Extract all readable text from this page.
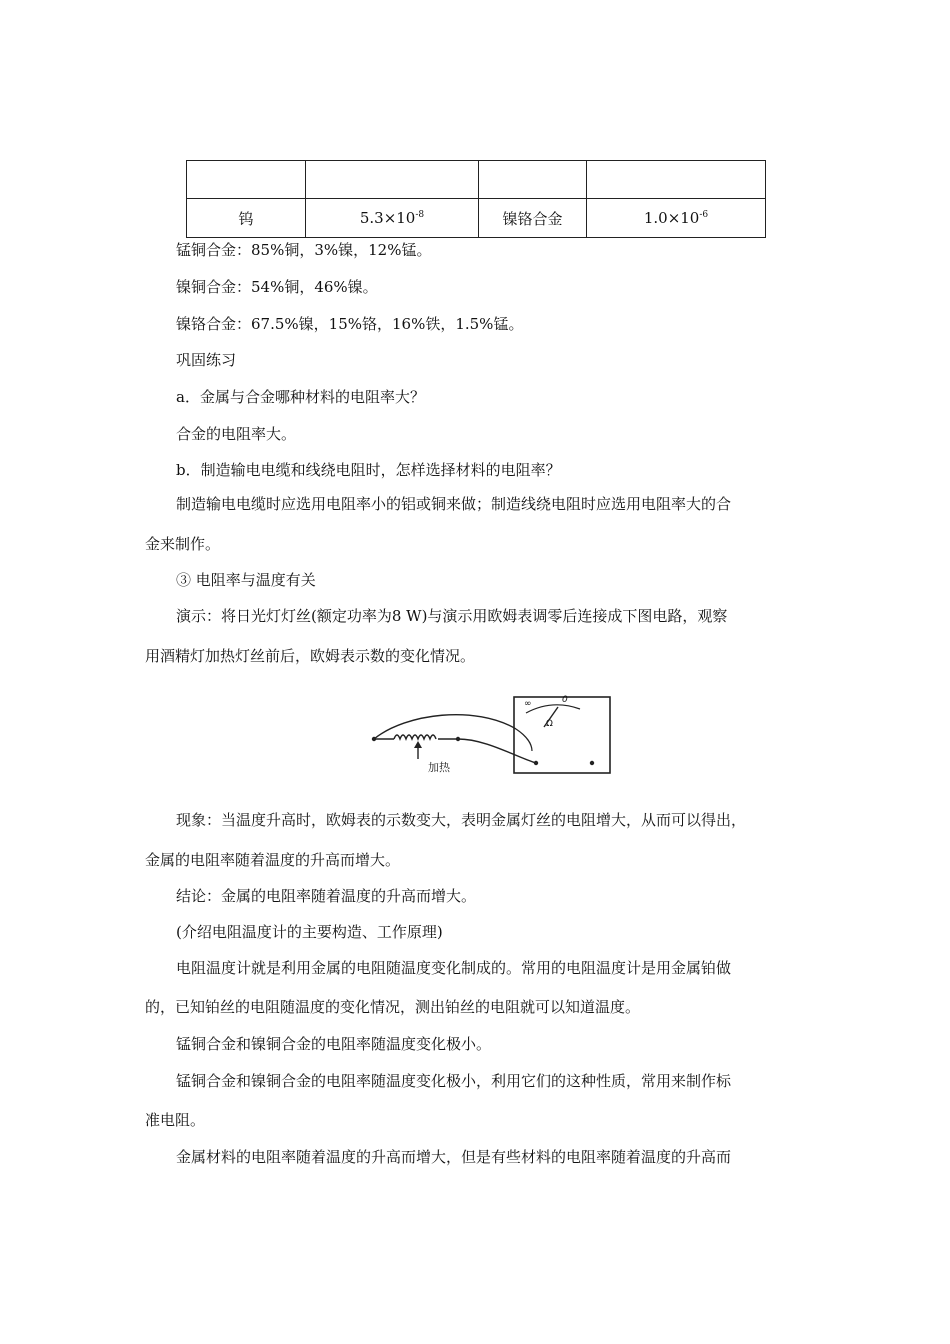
钨	$5.3\times 10^{-8}$	镍铬合金	$1.0\times 10^{-6}$
锰铜合金：85%铜，3%镍，12%锰。
镍铜合金：54%铜，46%镍。
镍铬合金：67.5%镍，15%铬，16%铁，1.5%锰。
巩固练习
a．金属与合金哪种材料的电阻率大？
合金的电阻率大。
b．制造输电电缆和线绕电阻时，怎样选择材料的电阻率？
制造输电电缆时应选用电阻率小的铝或铜来做；制造线绕电阻时应选用电阻率大的合
金来制作。
③ 电阻率与温度有关
演示：将日光灯灯丝(额定功率为8 W)与演示用欧姆表调零后连接成下图电路，观察
用酒精灯加热灯丝前后，欧姆表示数的变化情况。
加热
∞	0
Ω
现象：当温度升高时，欧姆表的示数变大，表明金属灯丝的电阻增大，从而可以得出，
金属的电阻率随着温度的升高而增大。
结论：金属的电阻率随着温度的升高而增大。
(介绍电阻温度计的主要构造、工作原理)
电阻温度计就是利用金属的电阻随温度变化制成的。常用的电阻温度计是用金属铂做
的，已知铂丝的电阻随温度的变化情况，测出铂丝的电阻就可以知道温度。
锰铜合金和镍铜合金的电阻率随温度变化极小。
锰铜合金和镍铜合金的电阻率随温度变化极小，利用它们的这种性质，常用来制作标
准电阻。
金属材料的电阻率随着温度的升高而增大，但是有些材料的电阻率随着温度的升高而
